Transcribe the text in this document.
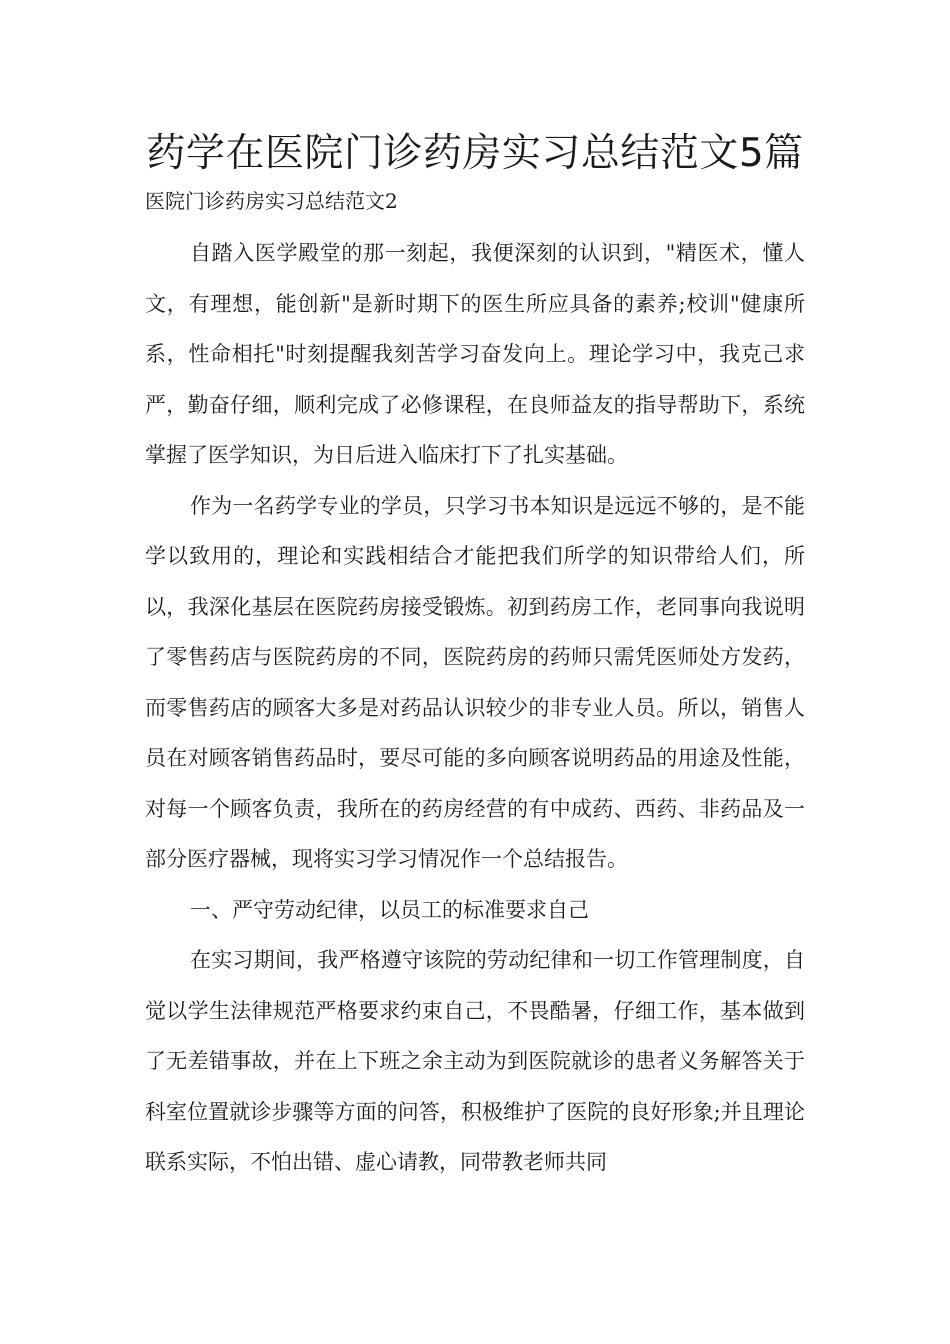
药学在医院门诊药房实习总结范文5篇

医院门诊药房实习总结范文2

自踏入医学殿堂的那一刻起，我便深刻的认识到，"精医术，懂人文，有理想，能创新"是新时期下的医生所应具备的素养;校训"健康所系，性命相托"时刻提醒我刻苦学习奋发向上。理论学习中，我克己求严，勤奋仔细，顺利完成了必修课程，在良师益友的指导帮助下，系统掌握了医学知识，为日后进入临床打下了扎实基础。

作为一名药学专业的学员，只学习书本知识是远远不够的，是不能学以致用的，理论和实践相结合才能把我们所学的知识带给人们，所以，我深化基层在医院药房接受锻炼。初到药房工作，老同事向我说明了零售药店与医院药房的不同，医院药房的药师只需凭医师处方发药，而零售药店的顾客大多是对药品认识较少的非专业人员。所以，销售人员在对顾客销售药品时，要尽可能的多向顾客说明药品的用途及性能，对每一个顾客负责，我所在的药房经营的有中成药、西药、非药品及一部分医疗器械，现将实习学习情况作一个总结报告。

一、严守劳动纪律，以员工的标准要求自己

在实习期间，我严格遵守该院的劳动纪律和一切工作管理制度，自觉以学生法律规范严格要求约束自己，不畏酷暑，仔细工作，基本做到了无差错事故，并在上下班之余主动为到医院就诊的患者义务解答关于科室位置就诊步骤等方面的问答，积极维护了医院的良好形象;并且理论联系实际，不怕出错、虚心请教，同带教老师共同
